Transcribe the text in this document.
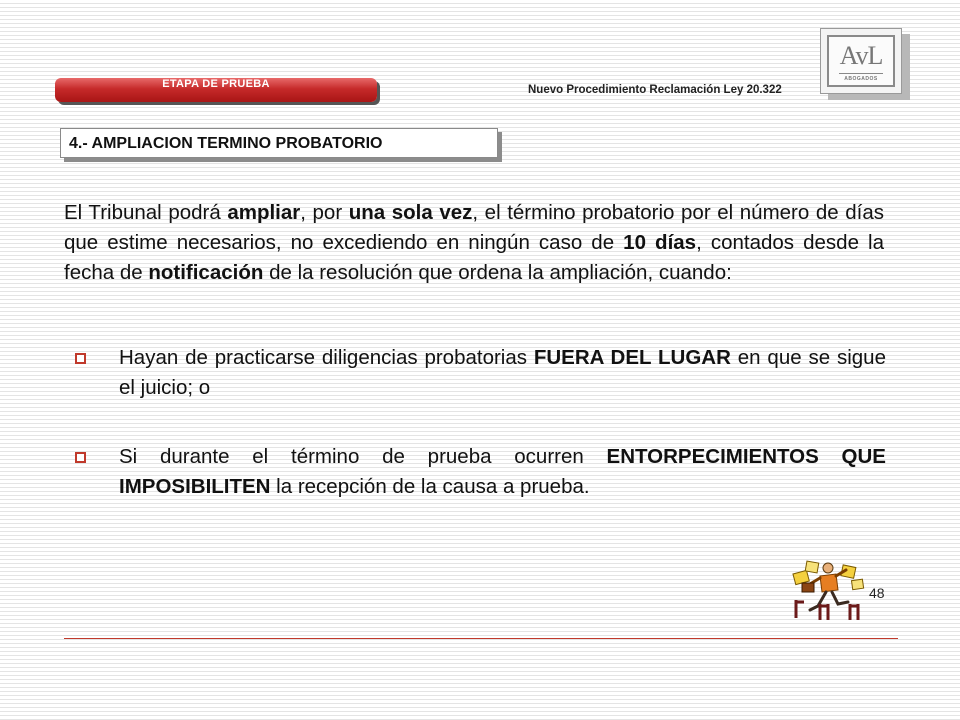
ETAPA DE PRUEBA	Nuevo Procedimiento Reclamación Ley 20.322
AvL
ABOGADOS
4.- AMPLIACION TERMINO PROBATORIO
El Tribunal podrá ampliar, por una sola vez, el término probatorio por el número de días que estime necesarios, no excediendo en ningún caso de 10 días, contados desde la fecha de notificación de la resolución que ordena la ampliación, cuando:
Hayan de practicarse diligencias probatorias FUERA DEL LUGAR en que se sigue el juicio; o
Si durante el término de prueba ocurren ENTORPECIMIENTOS QUE IMPOSIBILITEN la recepción de la causa a prueba.
48
